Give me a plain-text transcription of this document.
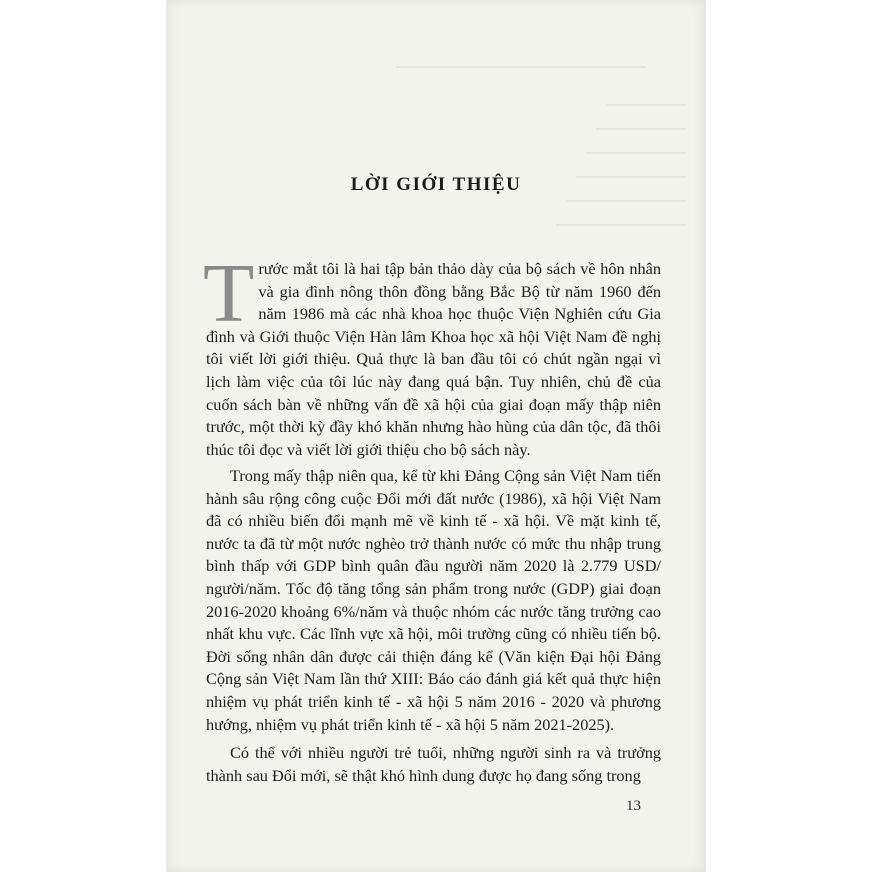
LỜI GIỚI THIỆU

Trước mắt tôi là hai tập bản thảo dày của bộ sách về hôn nhân và gia đình nông thôn đồng bằng Bắc Bộ từ năm 1960 đến năm 1986 mà các nhà khoa học thuộc Viện Nghiên cứu Gia đình và Giới thuộc Viện Hàn lâm Khoa học xã hội Việt Nam đề nghị tôi viết lời giới thiệu. Quả thực là ban đầu tôi có chút ngần ngại vì lịch làm việc của tôi lúc này đang quá bận. Tuy nhiên, chủ đề của cuốn sách bàn về những vấn đề xã hội của giai đoạn mấy thập niên trước, một thời kỳ đầy khó khăn nhưng hào hùng của dân tộc, đã thôi thúc tôi đọc và viết lời giới thiệu cho bộ sách này.

Trong mấy thập niên qua, kể từ khi Đảng Cộng sản Việt Nam tiến hành sâu rộng công cuộc Đổi mới đất nước (1986), xã hội Việt Nam đã có nhiều biến đổi mạnh mẽ về kinh tế - xã hội. Về mặt kinh tế, nước ta đã từ một nước nghèo trở thành nước có mức thu nhập trung bình thấp với GDP bình quân đầu người năm 2020 là 2.779 USD/ người/năm. Tốc độ tăng tổng sản phẩm trong nước (GDP) giai đoạn 2016-2020 khoảng 6%/năm và thuộc nhóm các nước tăng trưởng cao nhất khu vực. Các lĩnh vực xã hội, môi trường cũng có nhiều tiến bộ. Đời sống nhân dân được cải thiện đáng kể (Văn kiện Đại hội Đảng Cộng sản Việt Nam lần thứ XIII: Báo cáo đánh giá kết quả thực hiện nhiệm vụ phát triển kinh tế - xã hội 5 năm 2016 - 2020 và phương hướng, nhiệm vụ phát triển kinh tế - xã hội 5 năm 2021-2025).

Có thể với nhiều người trẻ tuổi, những người sinh ra và trưởng thành sau Đổi mới, sẽ thật khó hình dung được họ đang sống trong

13
